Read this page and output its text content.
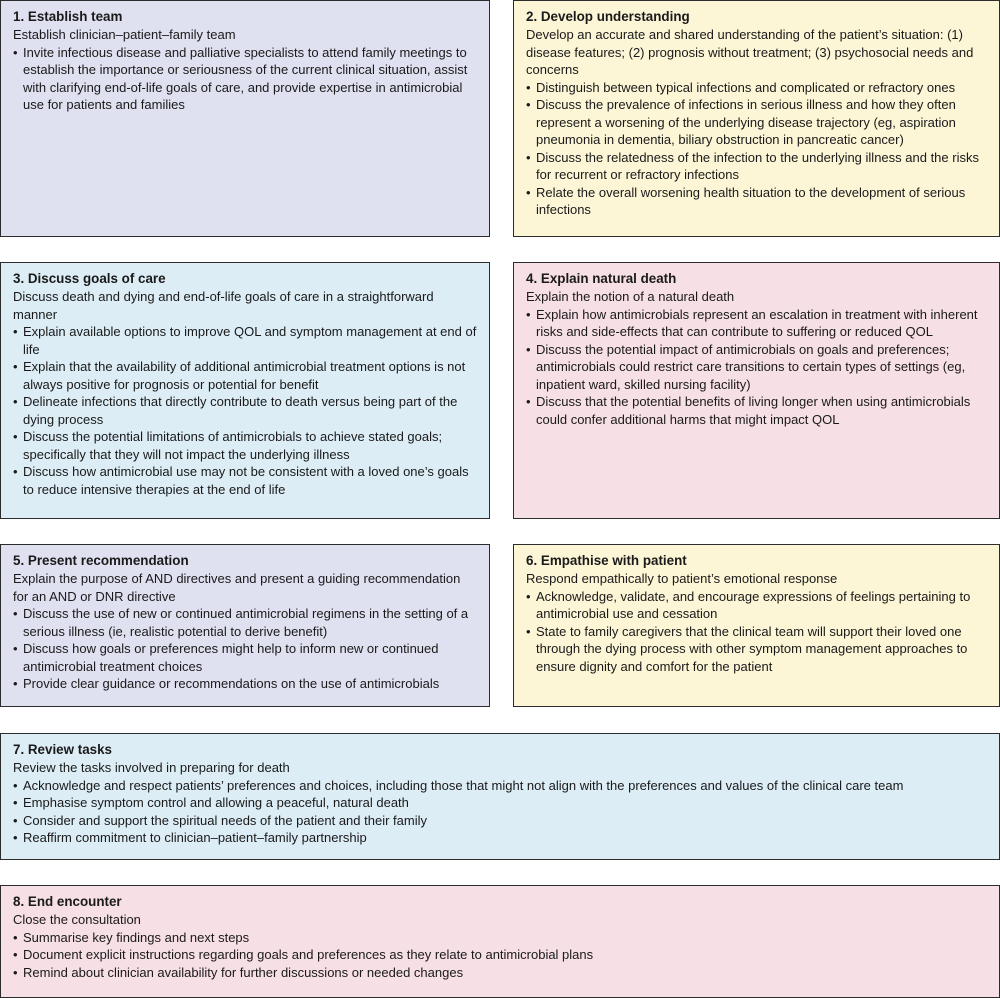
1. Establish team
Establish clinician–patient–family team
• Invite infectious disease and palliative specialists to attend family meetings to establish the importance or seriousness of the current clinical situation, assist with clarifying end-of-life goals of care, and provide expertise in antimicrobial use for patients and families
2. Develop understanding
Develop an accurate and shared understanding of the patient’s situation: (1) disease features; (2) prognosis without treatment; (3) psychosocial needs and concerns
• Distinguish between typical infections and complicated or refractory ones
• Discuss the prevalence of infections in serious illness and how they often represent a worsening of the underlying disease trajectory (eg, aspiration pneumonia in dementia, biliary obstruction in pancreatic cancer)
• Discuss the relatedness of the infection to the underlying illness and the risks for recurrent or refractory infections
• Relate the overall worsening health situation to the development of serious infections
3. Discuss goals of care
Discuss death and dying and end-of-life goals of care in a straightforward manner
• Explain available options to improve QOL and symptom management at end of life
• Explain that the availability of additional antimicrobial treatment options is not always positive for prognosis or potential for benefit
• Delineate infections that directly contribute to death versus being part of the dying process
• Discuss the potential limitations of antimicrobials to achieve stated goals; specifically that they will not impact the underlying illness
• Discuss how antimicrobial use may not be consistent with a loved one’s goals to reduce intensive therapies at the end of life
4. Explain natural death
Explain the notion of a natural death
• Explain how antimicrobials represent an escalation in treatment with inherent risks and side-effects that can contribute to suffering or reduced QOL
• Discuss the potential impact of antimicrobials on goals and preferences; antimicrobials could restrict care transitions to certain types of settings (eg, inpatient ward, skilled nursing facility)
• Discuss that the potential benefits of living longer when using antimicrobials could confer additional harms that might impact QOL
5. Present recommendation
Explain the purpose of AND directives and present a guiding recommendation for an AND or DNR directive
• Discuss the use of new or continued antimicrobial regimens in the setting of a serious illness (ie, realistic potential to derive benefit)
• Discuss how goals or preferences might help to inform new or continued antimicrobial treatment choices
• Provide clear guidance or recommendations on the use of antimicrobials
6. Empathise with patient
Respond empathically to patient’s emotional response
• Acknowledge, validate, and encourage expressions of feelings pertaining to antimicrobial use and cessation
• State to family caregivers that the clinical team will support their loved one through the dying process with other symptom management approaches to ensure dignity and comfort for the patient
7. Review tasks
Review the tasks involved in preparing for death
• Acknowledge and respect patients’ preferences and choices, including those that might not align with the preferences and values of the clinical care team
• Emphasise symptom control and allowing a peaceful, natural death
• Consider and support the spiritual needs of the patient and their family
• Reaffirm commitment to clinician–patient–family partnership
8. End encounter
Close the consultation
• Summarise key findings and next steps
• Document explicit instructions regarding goals and preferences as they relate to antimicrobial plans
• Remind about clinician availability for further discussions or needed changes
